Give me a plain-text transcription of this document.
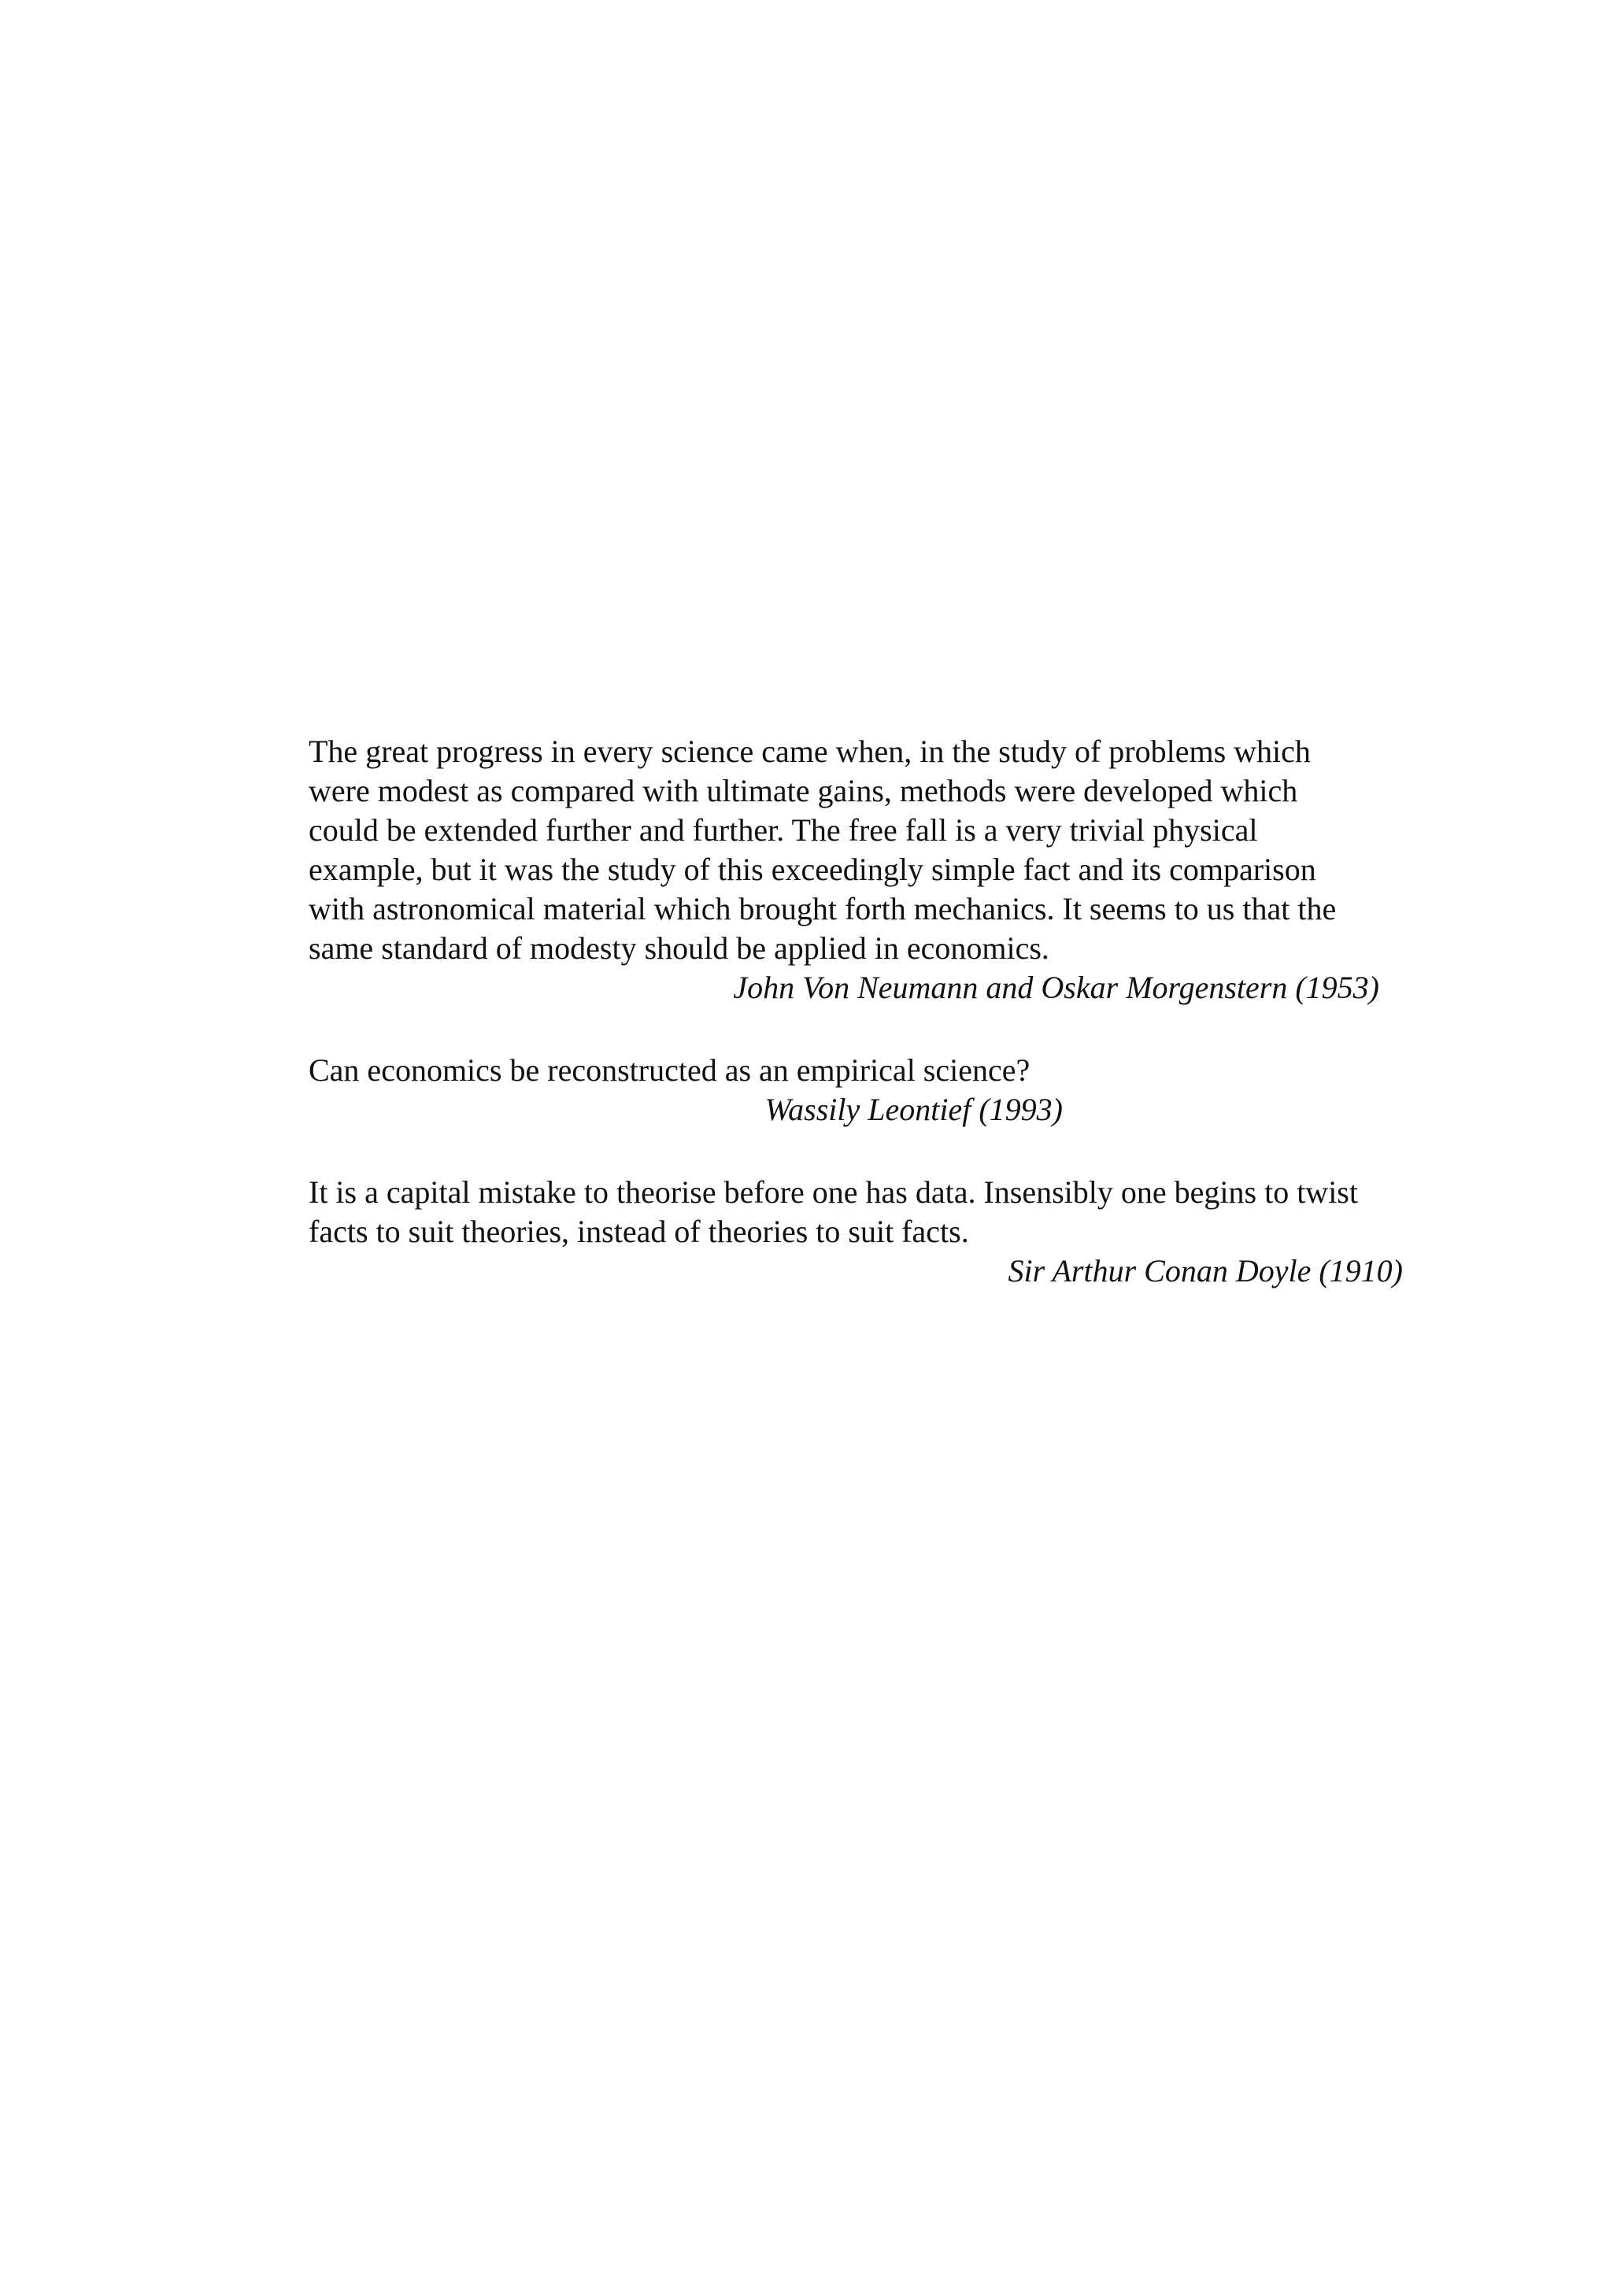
The great progress in every science came when, in the study of problems which
were modest as compared with ultimate gains, methods were developed which
could be extended further and further. The free fall is a very trivial physical
example, but it was the study of this exceedingly simple fact and its comparison
with astronomical material which brought forth mechanics. It seems to us that the
same standard of modesty should be applied in economics.

John Von Neumann and Oskar Morgenstern (1953)

Can economics be reconstructed as an empirical science?

Wassily Leontief (1993)

It is a capital mistake to theorise before one has data. Insensibly one begins to twist
facts to suit theories, instead of theories to suit facts.

Sir Arthur Conan Doyle (1910)
